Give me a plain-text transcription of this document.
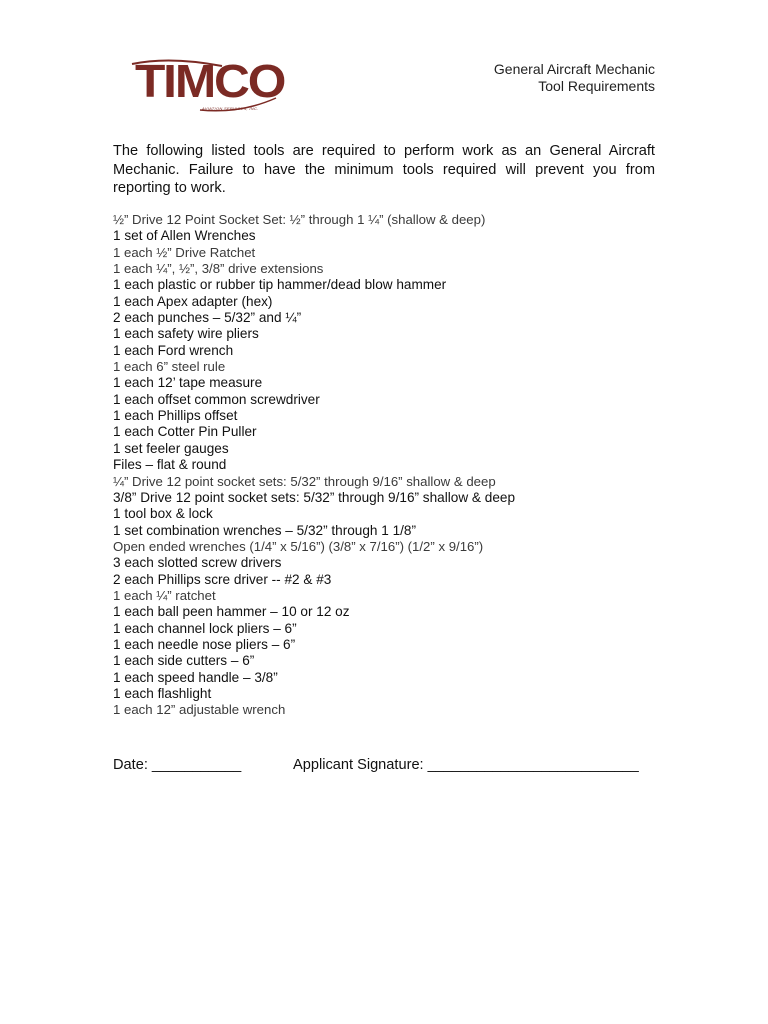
TIMCO
AVIATION SERVICES, INC.
General Aircraft Mechanic
Tool Requirements
The following listed tools are required to perform work as an General Aircraft Mechanic. Failure to have the minimum tools required will prevent you from reporting to work.
½” Drive 12 Point Socket Set: ½” through 1 ¼” (shallow & deep)
1 set of Allen Wrenches
1 each ½” Drive Ratchet
1 each ¼”, ½”, 3/8” drive extensions
1 each plastic or rubber tip hammer/dead blow hammer
1 each Apex adapter (hex)
2 each punches – 5/32” and ¼”
1 each safety wire pliers
1 each Ford wrench
1 each 6” steel rule
1 each 12’ tape measure
1 each offset common screwdriver
1 each Phillips offset
1 each Cotter Pin Puller
1 set feeler gauges
Files – flat & round
¼” Drive 12 point socket sets: 5/32” through 9/16” shallow & deep
3/8” Drive 12 point socket sets: 5/32” through 9/16” shallow & deep
1 tool box & lock
1 set combination wrenches – 5/32” through 1 1/8”
Open ended wrenches (1/4” x 5/16”) (3/8” x 7/16”) (1/2” x 9/16”)
3 each slotted screw drivers
2 each Phillips scre driver -- #2 & #3
1 each ¼” ratchet
1 each ball peen hammer – 10 or 12 oz
1 each channel lock pliers – 6”
1 each needle nose pliers – 6”
1 each side cutters – 6”
1 each speed handle – 3/8”
1 each flashlight
1 each 12” adjustable wrench
Date: ___________	Applicant Signature: __________________________
